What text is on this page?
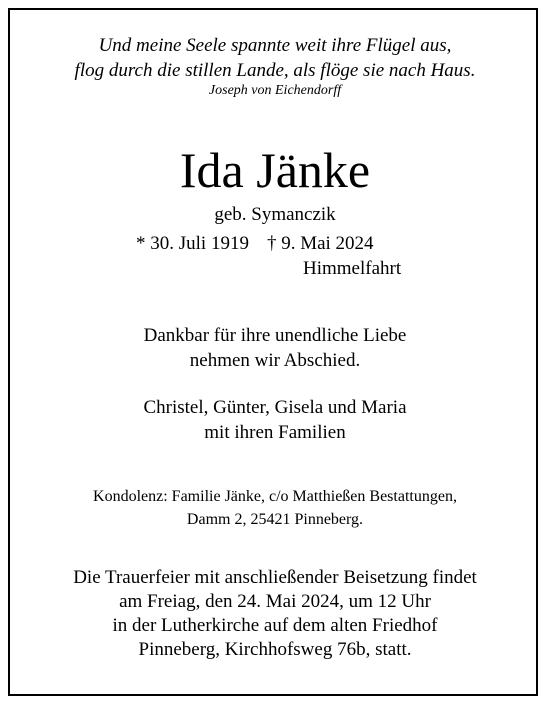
Und meine Seele spannte weit ihre Flügel aus,
flog durch die stillen Lande, als flöge sie nach Haus.
Joseph von Eichendorff
Ida Jänke
geb. Symanczik
* 30. Juli 1919 † 9. Mai 2024
Himmelfahrt
Dankbar für ihre unendliche Liebe
nehmen wir Abschied.
Christel, Günter, Gisela und Maria
mit ihren Familien
Kondolenz: Familie Jänke, c/o Matthießen Bestattungen,
Damm 2, 25421 Pinneberg.
Die Trauerfeier mit anschließender Beisetzung findet
am Freiag, den 24. Mai 2024, um 12 Uhr
in der Lutherkirche auf dem alten Friedhof
Pinneberg, Kirchhofsweg 76b, statt.
